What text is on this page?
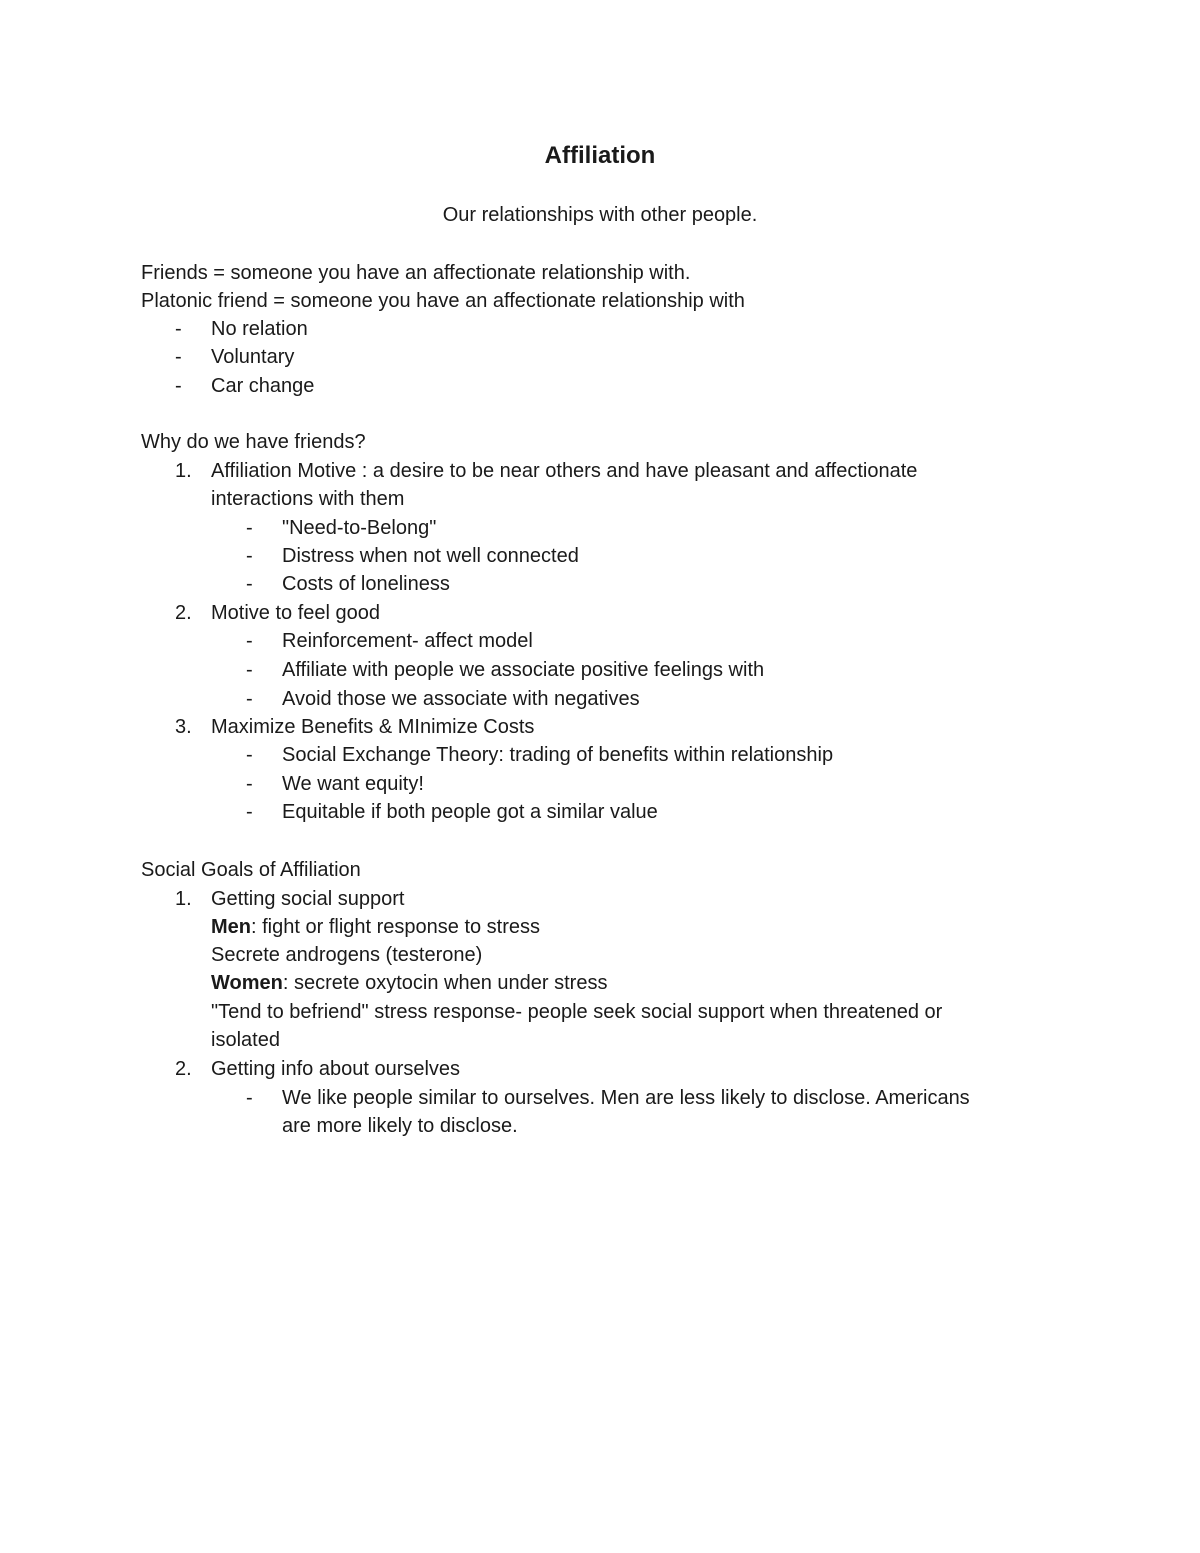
Affiliation
Our relationships with other people.
Friends = someone you have an affectionate relationship with.
Platonic friend = someone you have an affectionate relationship with
- No relation
- Voluntary
- Car change
Why do we have friends?
1. Affiliation Motive : a desire to be near others and have pleasant and affectionate
interactions with them
- "Need-to-Belong"
- Distress when not well connected
- Costs of loneliness
2. Motive to feel good
- Reinforcement- affect model
- Affiliate with people we associate positive feelings with
- Avoid those we associate with negatives
3. Maximize Benefits & MInimize Costs
- Social Exchange Theory: trading of benefits within relationship
- We want equity!
- Equitable if both people got a similar value
Social Goals of Affiliation
1. Getting social support
Men: fight or flight response to stress
Secrete androgens (testerone)
Women: secrete oxytocin when under stress
"Tend to befriend" stress response- people seek social support when threatened or
isolated
2. Getting info about ourselves
- We like people similar to ourselves. Men are less likely to disclose. Americans
are more likely to disclose.
